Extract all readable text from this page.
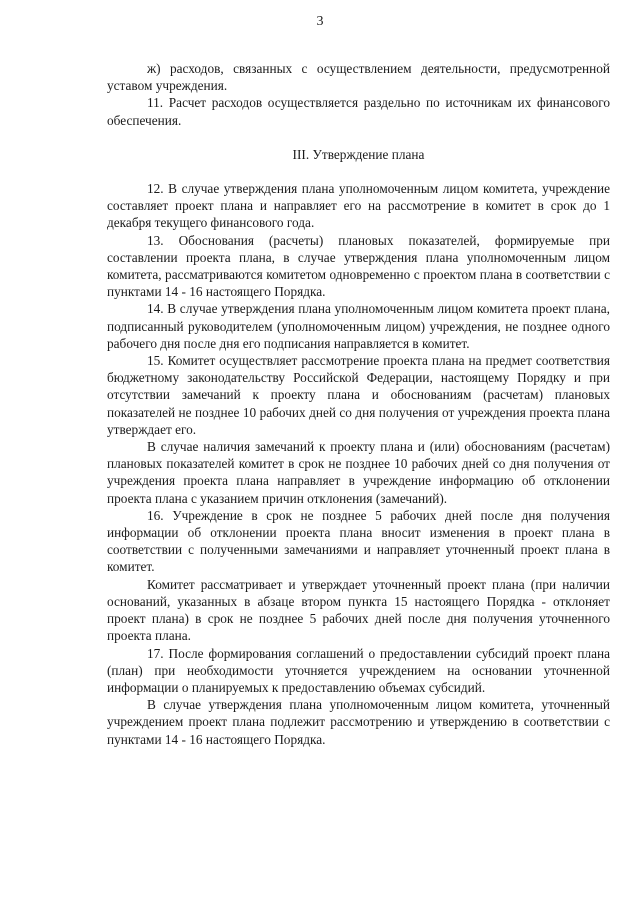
3

ж) расходов, связанных с осуществлением деятельности, предусмотренной уставом учреждения.

11. Расчет расходов осуществляется раздельно по источникам их финансового обеспечения.

III. Утверждение плана

12. В случае утверждения плана уполномоченным лицом комитета, учреждение составляет проект плана и направляет его на рассмотрение в комитет в срок до 1 декабря текущего финансового года.

13. Обоснования (расчеты) плановых показателей, формируемые при составлении проекта плана, в случае утверждения плана уполномоченным лицом комитета, рассматриваются комитетом одновременно с проектом плана в соответствии с пунктами 14 - 16 настоящего Порядка.

14. В случае утверждения плана уполномоченным лицом комитета проект плана, подписанный руководителем (уполномоченным лицом) учреждения, не позднее одного рабочего дня после дня его подписания направляется в комитет.

15. Комитет осуществляет рассмотрение проекта плана на предмет соответствия бюджетному законодательству Российской Федерации, настоящему Порядку и при отсутствии замечаний к проекту плана и обоснованиям (расчетам) плановых показателей не позднее 10 рабочих дней со дня получения от учреждения проекта плана утверждает его.

В случае наличия замечаний к проекту плана и (или) обоснованиям (расчетам) плановых показателей комитет в срок не позднее 10 рабочих дней со дня получения от учреждения проекта плана направляет в учреждение информацию об отклонении проекта плана с указанием причин отклонения (замечаний).

16. Учреждение в срок не позднее 5 рабочих дней после дня получения информации об отклонении проекта плана вносит изменения в проект плана в соответствии с полученными замечаниями и направляет уточненный проект плана в комитет.

Комитет рассматривает и утверждает уточненный проект плана (при наличии оснований, указанных в абзаце втором пункта 15 настоящего Порядка - отклоняет проект плана) в срок не позднее 5 рабочих дней после дня получения уточненного проекта плана.

17. После формирования соглашений о предоставлении субсидий проект плана (план) при необходимости уточняется учреждением на основании уточненной информации о планируемых к предоставлению объемах субсидий.

В случае утверждения плана уполномоченным лицом комитета, уточненный учреждением проект плана подлежит рассмотрению и утверждению в соответствии с пунктами 14 - 16 настоящего Порядка.
